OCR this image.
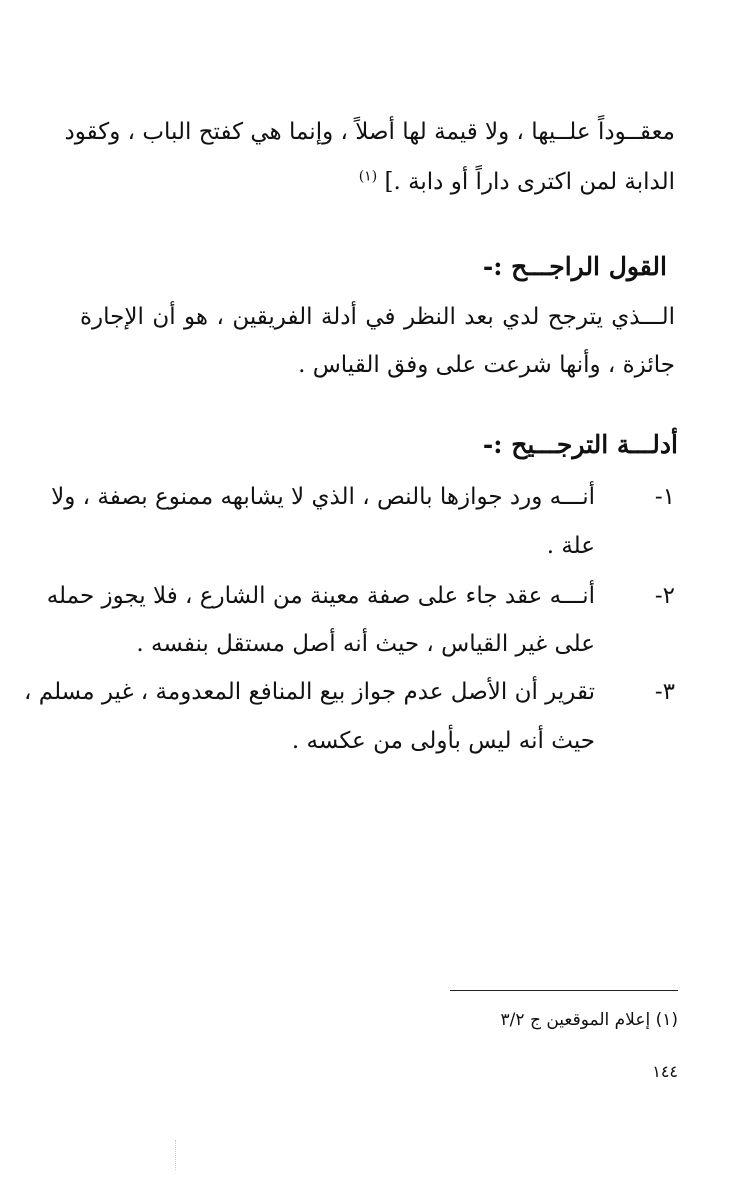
معقــوداً علــيها ، ولا قيمة لها أصلاً ، وإنما هي كفتح الباب ، وكقود
الدابة لمن اكترى داراً أو دابة .] $^{(١)}$
القول الراجـــح :-
الـــذي يترجح لدي بعد النظر في أدلة الفريقين ، هو أن الإجارة
جائزة ، وأنها شرعت على وفق القياس .
أدلـــة الترجـــيح :-
١-
أنـــه ورد جوازها بالنص ، الذي لا يشابهه ممنوع بصفة ، ولا
علة .
٢-
أنـــه عقد جاء على صفة معينة من الشارع ، فلا يجوز حمله
على غير القياس ، حيث أنه أصل مستقل بنفسه .
٣-
تقرير أن الأصل عدم جواز بيع المنافع المعدومة ، غير مسلم ،
حيث أنه ليس بأولى من عكسه .
(١) إعلام الموقعين ج ٣/٢
١٤٤
